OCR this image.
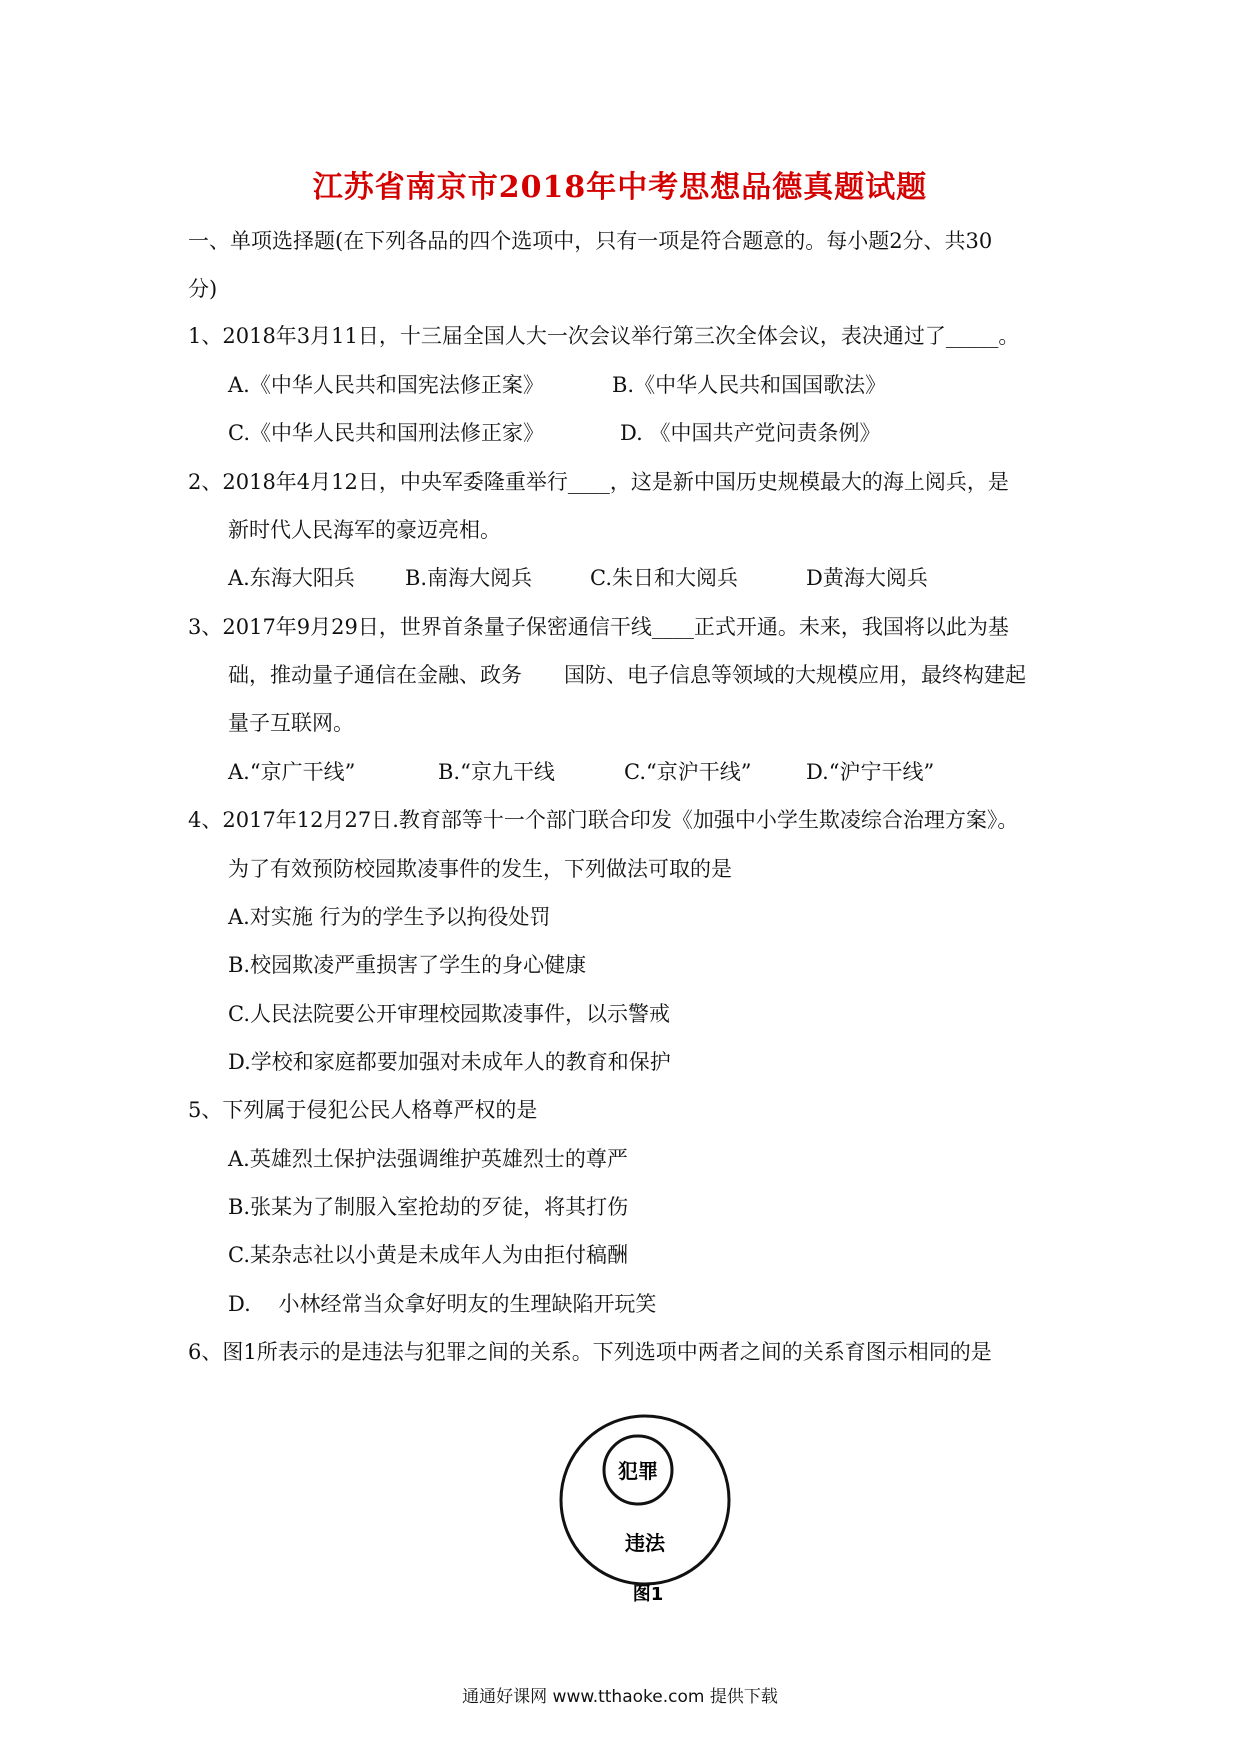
江苏省南京市2018年中考思想品德真题试题
一、单项选择题(在下列各品的四个选项中，只有一项是符合题意的。每小题2分、共30
分)
1、2018年3月11日，十三届全国人大一次会议举行第三次全体会议，表决通过了_____。
A.《中华人民共和国宪法修正案》	B.《中华人民共和国国歌法》
C.《中华人民共和国刑法修正家》	D. 《中国共产党问责条例》
2、2018年4月12日，中央军委隆重举行____，这是新中国历史规模最大的海上阅兵，是
新时代人民海军的豪迈亮相。
A.东海大阳兵 B.南海大阅兵	C.朱日和大阅兵	D黄海大阅兵
3、2017年9月29日，世界首条量子保密通信干线____正式开通。未来，我国将以此为基
础，推动量子通信在金融、政务　　国防、电子信息等领域的大规模应用，最终构建起
量子互联网。
A.“京广干线”	B.“京九干线	C.“京沪干线”	D.“沪宁干线”
4、2017年12月27日.教育部等十一个部门联合印发《加强中小学生欺凌综合治理方案》。
为了有效预防校园欺凌事件的发生，下列做法可取的是
A.对实施 行为的学生予以拘役处罚
B.校园欺凌严重损害了学生的身心健康
C.人民法院要公开审理校园欺凌事件，以示警戒
D.学校和家庭都要加强对未成年人的教育和保护
5、下列属于侵犯公民人格尊严权的是
A.英雄烈土保护法强调维护英雄烈士的尊严
B.张某为了制服入室抢劫的歹徒，将其打伤
C.某杂志社以小黄是未成年人为由拒付稿酬
D.　 小林经常当众拿好明友的生理缺陷开玩笑
6、图1所表示的是违法与犯罪之间的关系。下列选项中两者之间的关系育图示相同的是
犯罪
违法
图1
通通好课网 www.tthaoke.com 提供下载
